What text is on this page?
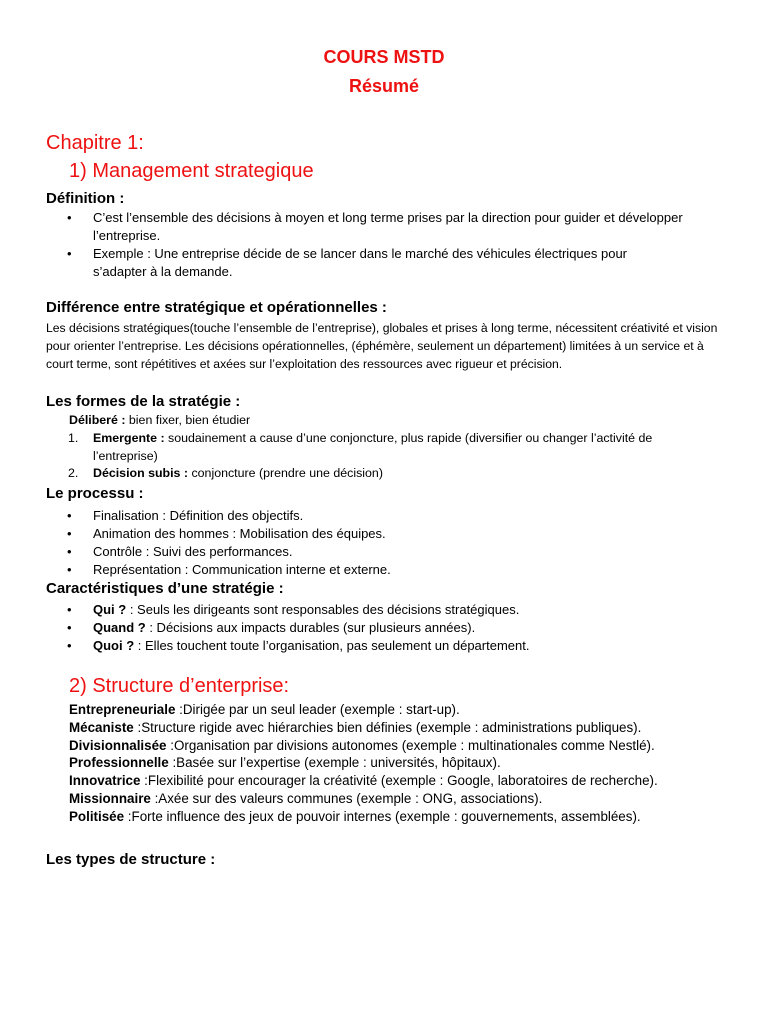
COURS MSTD
Résumé
Chapitre 1:
1) Management strategique
Définition :
• C’est l’ensemble des décisions à moyen et long terme prises par la direction pour guider et développer l’entreprise.
• Exemple : Une entreprise décide de se lancer dans le marché des véhicules électriques pour s’adapter à la demande.
Différence entre stratégique et opérationnelles :
Les décisions stratégiques(touche l’ensemble de l’entreprise), globales et prises à long terme, nécessitent créativité et vision pour orienter l’entreprise. Les décisions opérationnelles, (éphémère, seulement un département) limitées à un service et à court terme, sont répétitives et axées sur l’exploitation des ressources avec rigueur et précision.
Les formes de la stratégie :
Déliberé : bien fixer, bien étudier
1.	Emergente : soudainement a cause d’une conjoncture, plus rapide (diversifier ou changer l’activité de l’entreprise)
2.	Décision subis : conjoncture (prendre une décision)
Le processu :
• Finalisation : Définition des objectifs.
• Animation des hommes : Mobilisation des équipes.
• Contrôle : Suivi des performances.
• Représentation : Communication interne et externe.
Caractéristiques d’une stratégie :
• Qui ? : Seuls les dirigeants sont responsables des décisions stratégiques.
• Quand ? : Décisions aux impacts durables (sur plusieurs années).
• Quoi ? : Elles touchent toute l’organisation, pas seulement un département.
2) Structure d’enterprise:
Entrepreneuriale :Dirigée par un seul leader (exemple : start-up).
Mécaniste :Structure rigide avec hiérarchies bien définies (exemple : administrations publiques).
Divisionnalisée :Organisation par divisions autonomes (exemple : multinationales comme Nestlé).
Professionnelle :Basée sur l’expertise (exemple : universités, hôpitaux).
Innovatrice :Flexibilité pour encourager la créativité (exemple : Google, laboratoires de recherche).
Missionnaire :Axée sur des valeurs communes (exemple : ONG, associations).
Politisée :Forte influence des jeux de pouvoir internes (exemple : gouvernements, assemblées).
Les types de structure :
